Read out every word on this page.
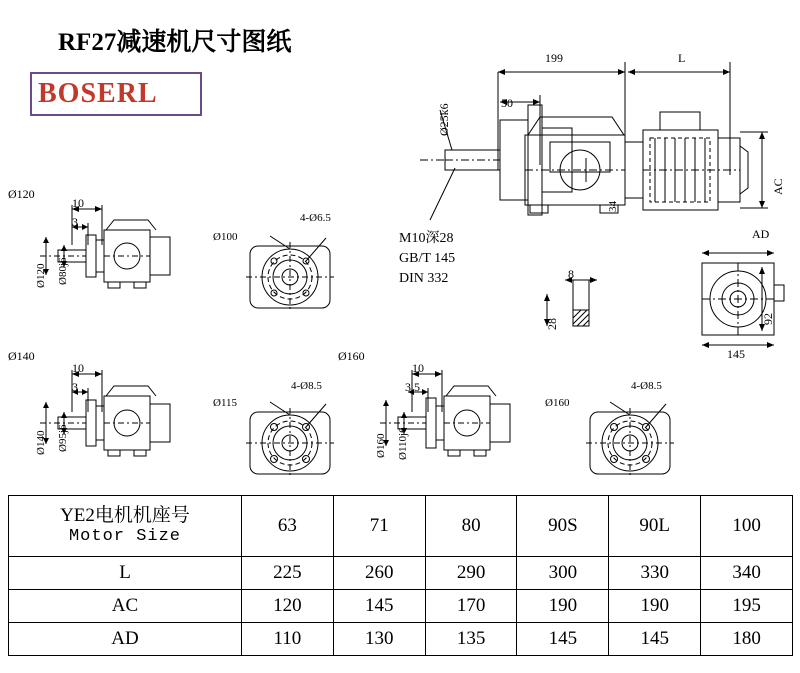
RF27减速机尺寸图纸
BOSERL
199	L
50
Ø25k6
34
AC
M10深28
GB/T 145
DIN 332	8
28
AD
92
145
Ø120
10
3
Ø120 Ø80j6
Ø100
4-Ø6.5
Ø140
10
3
Ø140 Ø95j6
Ø115
4-Ø8.5
Ø160
10
3.5
Ø160 Ø110j6
Ø160
4-Ø8.5
YE2电机机座号
Motor Size	63	71	80	90S	90L	100
L	225	260	290	300	330	340
AC	120	145	170	190	190	195
AD	110	130	135	145	145	180
